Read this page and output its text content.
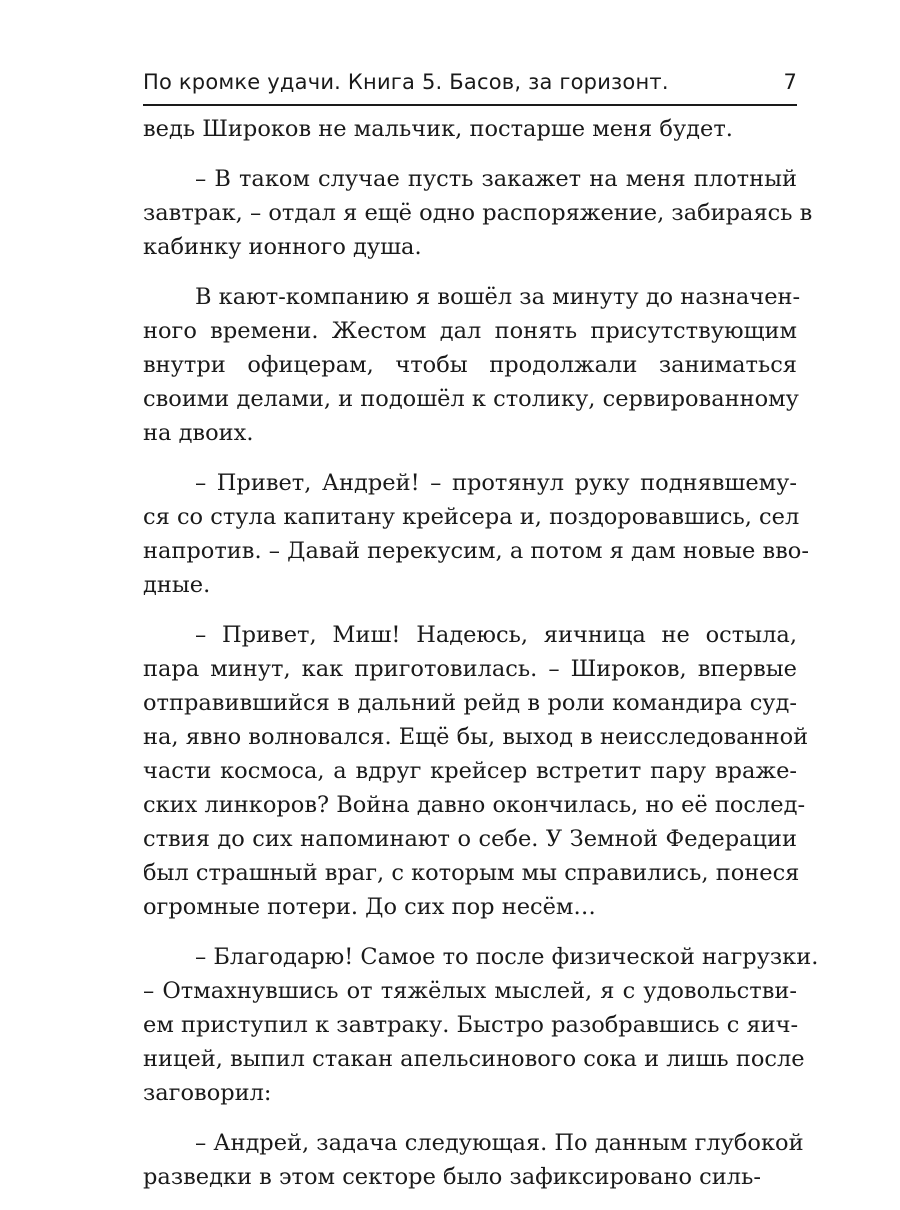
По кромке удачи. Книга 5. Басов, за горизонт.	7
ведь Широков не мальчик, постарше меня будет.
– В таком случае пусть закажет на меня плотный
завтрак, – отдал я ещё одно распоряжение, забираясь в
кабинку ионного душа.
В кают-компанию я вошёл за минуту до назначен-
ного времени. Жестом дал понять присутствующим
внутри офицерам, чтобы продолжали заниматься
своими делами, и подошёл к столику, сервированному
на двоих.
– Привет, Андрей! – протянул руку поднявшему-
ся со стула капитану крейсера и, поздоровавшись, сел
напротив. – Давай перекусим, а потом я дам новые вво-
дные.
– Привет, Миш! Надеюсь, яичница не остыла,
пара минут, как приготовилась. – Широков, впервые
отправившийся в дальний рейд в роли командира суд-
на, явно волновался. Ещё бы, выход в неисследованной
части космоса, а вдруг крейсер встретит пару враже-
ских линкоров? Война давно окончилась, но её послед-
ствия до сих напоминают о себе. У Земной Федерации
был страшный враг, с которым мы справились, понеся
огромные потери. До сих пор несём…
– Благодарю! Самое то после физической нагрузки.
– Отмахнувшись от тяжёлых мыслей, я с удовольстви-
ем приступил к завтраку. Быстро разобравшись с яич-
ницей, выпил стакан апельсинового сока и лишь после
заговорил:
– Андрей, задача следующая. По данным глубокой
разведки в этом секторе было зафиксировано силь-
